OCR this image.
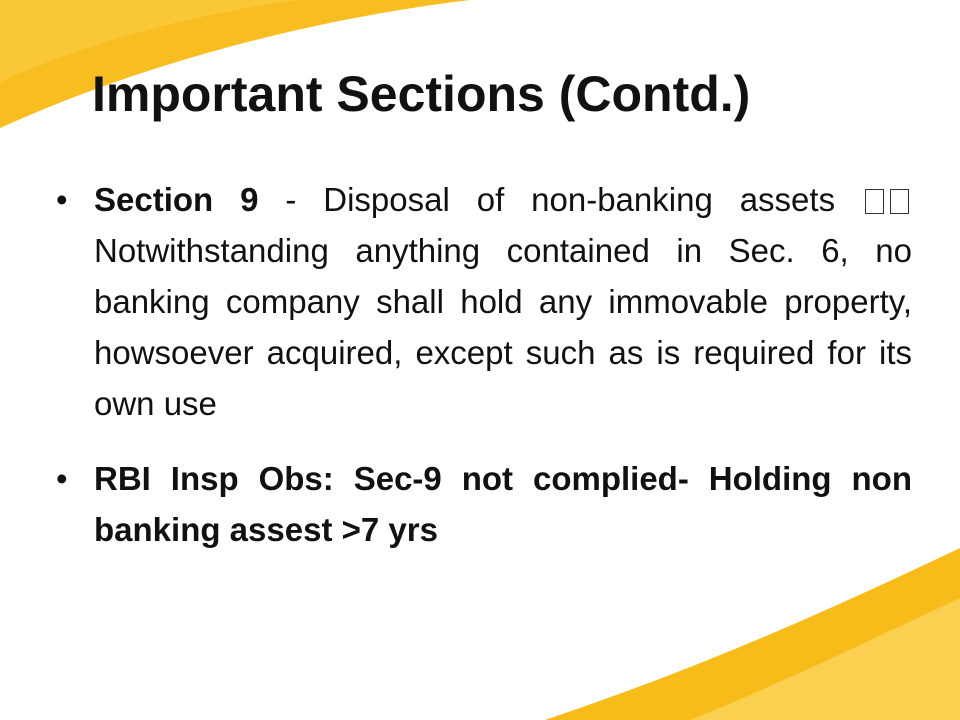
Important Sections (Contd.)
• Section 9 - Disposal of non-banking assets  Notwithstanding anything contained in Sec. 6, no banking company shall hold any immovable property, howsoever acquired, except such as is required for its own use
• RBI Insp Obs: Sec-9 not complied- Holding non banking assest >7 yrs
